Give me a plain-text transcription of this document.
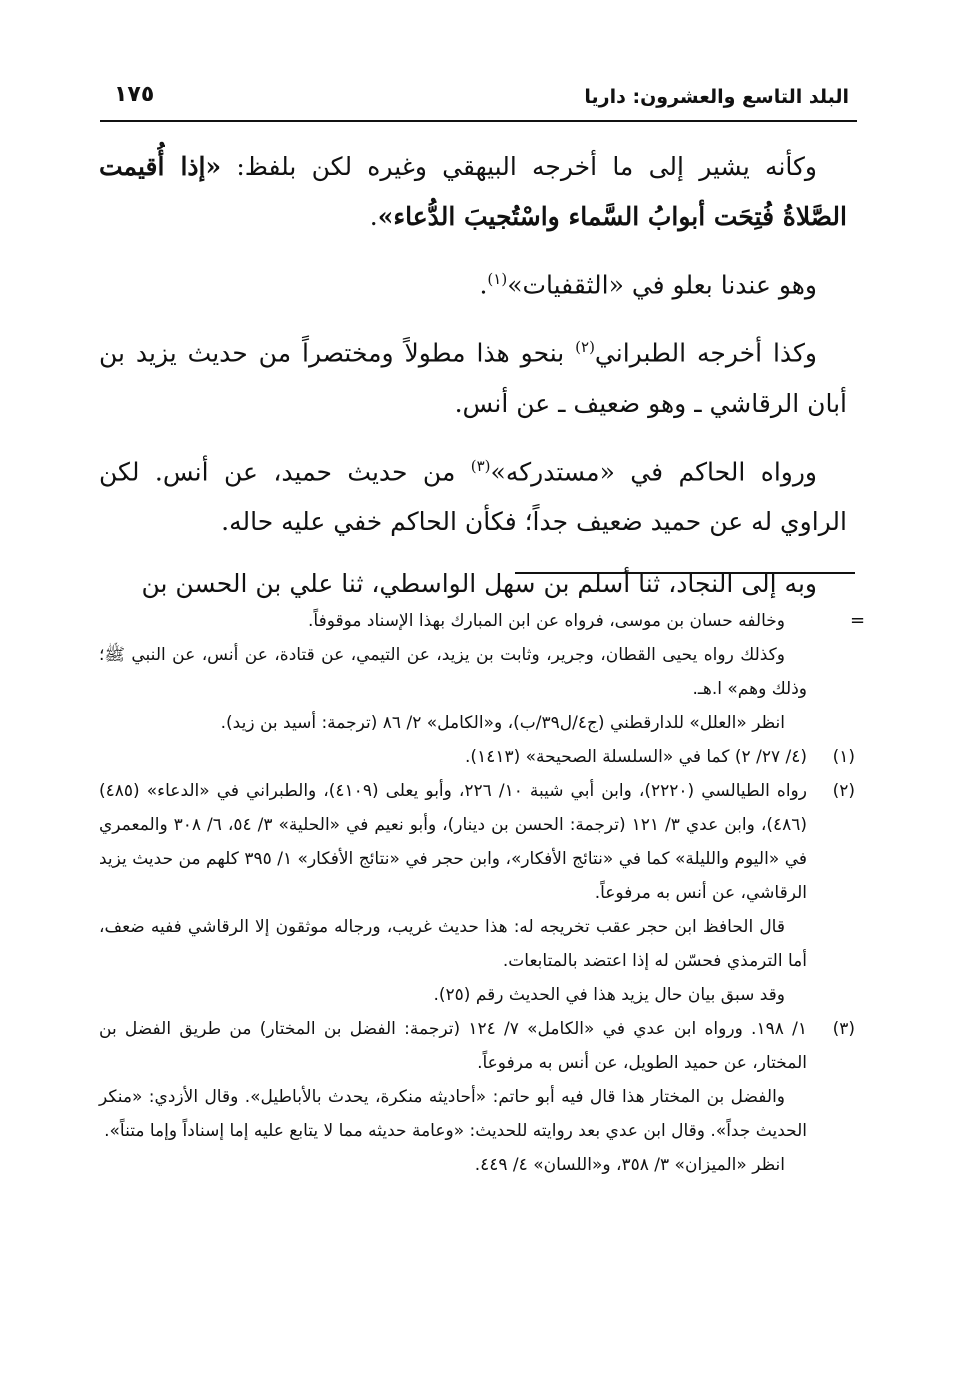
البلد التاسع والعشرون: داريا
١٧٥

وكأنه يشير إلى ما أخرجه البيهقي وغيره لكن بلفظ: «إذا أُقيمت الصَّلاةُ فُتِحَت أبوابُ السَّماء واسْتُجيبَ الدُّعاء».

وهو عندنا بعلو في «الثقفيات»$^{(١)}$.

وكذا أخرجه الطبراني$^{(٢)}$ بنحو هذا مطولاً ومختصراً من حديث يزيد بن أبان الرقاشي ـ وهو ضعيف ـ عن أنس.

ورواه الحاكم في «مستدركه»$^{(٣)}$ من حديث حميد، عن أنس. لكن الراوي له عن حميد ضعيف جداً؛ فكأن الحاكم خفي عليه حاله.

وبه إلى النجاد، ثنا أسلم بن سهل الواسطي، ثنا علي بن الحسن بن

=

وخالفه حسان بن موسى، فرواه عن ابن المبارك بهذا الإسناد موقوفاً.

وكذلك رواه يحيى القطان، وجرير، وثابت بن يزيد، عن التيمي، عن قتادة، عن أنس، عن النبي ﷺ؛ وذلك وهم» ا.هـ.

انظر «العلل» للدارقطني (ج٤/ل٣٩/ب)، و«الكامل» ٢/ ٨٦ (ترجمة: أسيد بن زيد).

(١)

(٤/ ٢٧/ ٢) كما في «السلسلة الصحيحة» (١٤١٣).

(٢)

رواه الطيالسي (٢٢٢٠)، وابن أبي شيبة ١٠/ ٢٢٦، وأبو يعلى (٤١٠٩)، والطبراني في «الدعاء» (٤٨٥) (٤٨٦)، وابن عدي ٣/ ١٢١ (ترجمة: الحسن بن دينار)، وأبو نعيم في «الحلية» ٣/ ٥٤، ٦/ ٣٠٨ والمعمري في «اليوم والليلة» كما في «نتائج الأفكار»، وابن حجر في «نتائج الأفكار» ١/ ٣٩٥ كلهم من حديث يزيد الرقاشي، عن أنس به مرفوعاً.

قال الحافظ ابن حجر عقب تخريجه له: هذا حديث غريب، ورجاله موثقون إلا الرقاشي ففيه ضعف، أما الترمذي فحسّن له إذا اعتضد بالمتابعات.

وقد سبق بيان حال يزيد هذا في الحديث رقم (٢٥).

(٣)

١/ ١٩٨. ورواه ابن عدي في «الكامل» ٧/ ١٢٤ (ترجمة: الفضل بن المختار) من طريق الفضل بن المختار، عن حميد الطويل، عن أنس به مرفوعاً.

والفضل بن المختار هذا قال فيه أبو حاتم: «أحاديثه منكرة، يحدث بالأباطيل». وقال الأزدي: «منكر الحديث جداً». وقال ابن عدي بعد روايته للحديث: «وعامة حديثه مما لا يتابع عليه إما إسناداً وإما متناً».

انظر «الميزان» ٣/ ٣٥٨، و«اللسان» ٤/ ٤٤٩.
